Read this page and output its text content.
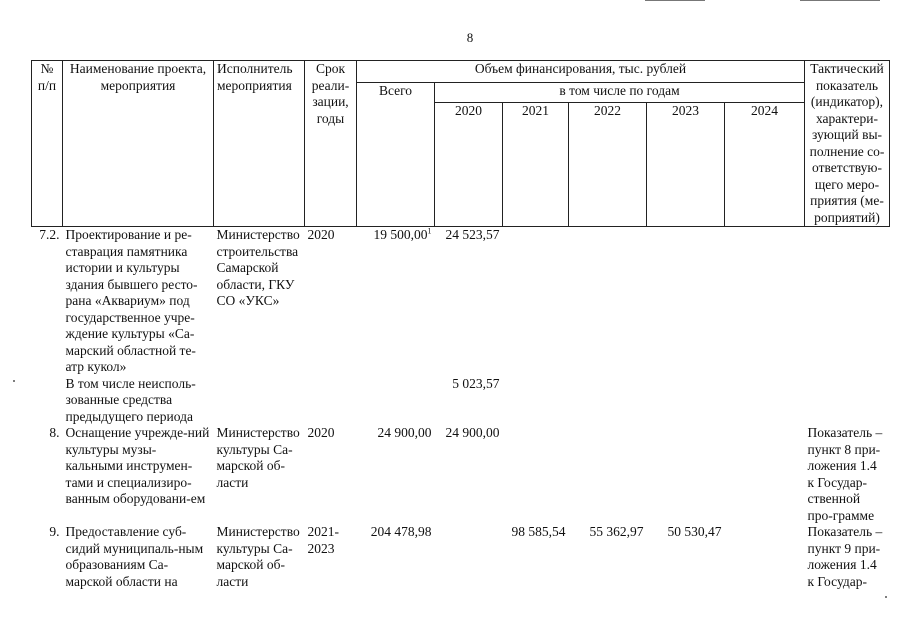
8
№ п/п	Наименование проекта, мероприятия	Исполнитель мероприятия	Срок реали-зации, годы	Объем финансирования, тыс. рублей						Тактический показатель (индикатор), характери-зующий вы-полнение со-ответствую-щего меро-приятия (ме-роприятий)
				Всего	в том числе по годам					
					2020	2021	2022	2023	2024	
7.2.	Проектирование и ре-ставрация памятника истории и культуры здания бывшего ресто-рана «Аквариум» под государственное учре-ждение культуры «Са-марский областной те-атр кукол»	Министерство строительства Самарской области, ГКУ СО «УКС»	2020	19 500,00$^1$	24 523,57					
	В том числе неисполь-зованные средства предыдущего периода				5 023,57					
8.	Оснащение учрежде-ний культуры музы-кальными инструмен-тами и специализиро-ванным оборудовани-ем	Министерство культуры Са-марской об-ласти	2020	24 900,00	24 900,00					Показатель – пункт 8 при-ложения 1.4 к Государ-ственной про-грамме
9.	Предоставление суб-сидий муниципаль-ным образованиям Са-марской области на	Министерство культуры Са-марской об-ласти	2021-2023	204 478,98		98 585,54	55 362,97	50 530,47		Показатель – пункт 9 при-ложения 1.4 к Государ-
